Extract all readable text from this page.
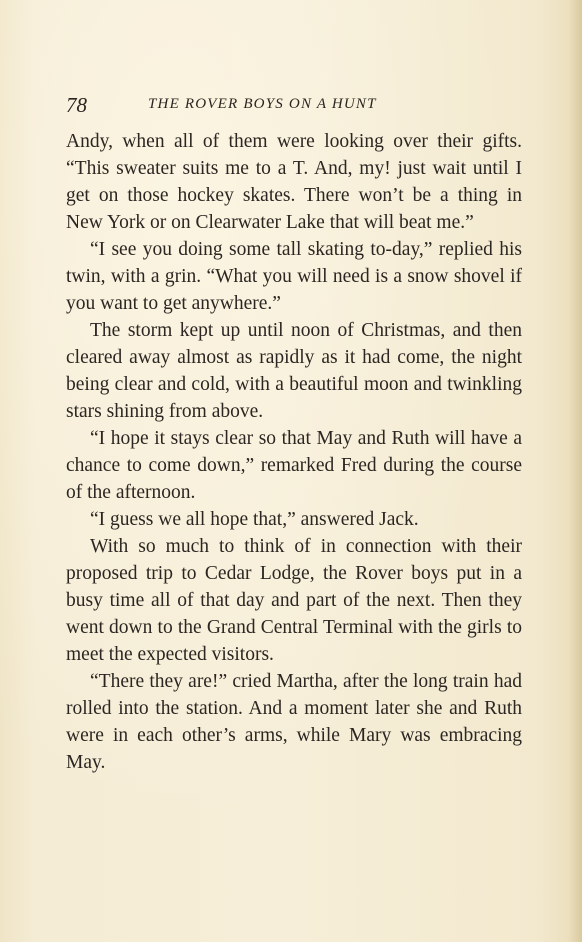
78	THE ROVER BOYS ON A HUNT

Andy, when all of them were looking over their gifts. “This sweater suits me to a T. And, my! just wait until I get on those hockey skates. There won’t be a thing in New York or on Clearwater Lake that will beat me.”

“I see you doing some tall skating to-day,” replied his twin, with a grin. “What you will need is a snow shovel if you want to get anywhere.”

The storm kept up until noon of Christmas, and then cleared away almost as rapidly as it had come, the night being clear and cold, with a beautiful moon and twinkling stars shining from above.

“I hope it stays clear so that May and Ruth will have a chance to come down,” remarked Fred during the course of the afternoon.

“I guess we all hope that,” answered Jack.

With so much to think of in connection with their proposed trip to Cedar Lodge, the Rover boys put in a busy time all of that day and part of the next. Then they went down to the Grand Central Terminal with the girls to meet the expected visitors.

“There they are!” cried Martha, after the long train had rolled into the station. And a moment later she and Ruth were in each other’s arms, while Mary was embracing May.
